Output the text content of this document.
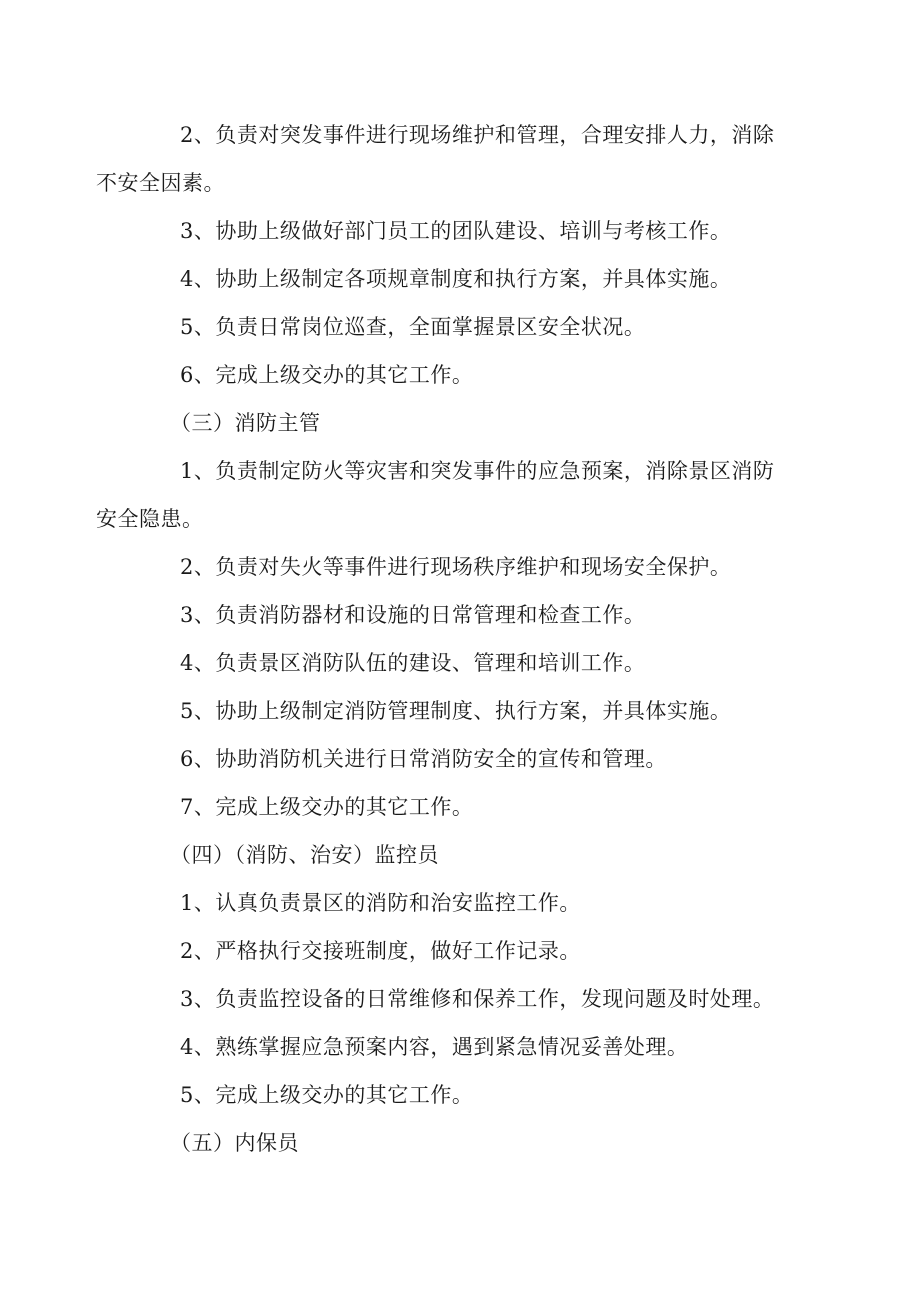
2、负责对突发事件进行现场维护和管理，合理安排人力，消除
不安全因素。

3、协助上级做好部门员工的团队建设、培训与考核工作。

4、协助上级制定各项规章制度和执行方案，并具体实施。

5、负责日常岗位巡查，全面掌握景区安全状况。

6、完成上级交办的其它工作。

（三）消防主管

1、负责制定防火等灾害和突发事件的应急预案，消除景区消防
安全隐患。

2、负责对失火等事件进行现场秩序维护和现场安全保护。

3、负责消防器材和设施的日常管理和检查工作。

4、负责景区消防队伍的建设、管理和培训工作。

5、协助上级制定消防管理制度、执行方案，并具体实施。

6、协助消防机关进行日常消防安全的宣传和管理。

7、完成上级交办的其它工作。

（四）（消防、治安）监控员

1、认真负责景区的消防和治安监控工作。

2、严格执行交接班制度，做好工作记录。

3、负责监控设备的日常维修和保养工作，发现问题及时处理。

4、熟练掌握应急预案内容，遇到紧急情况妥善处理。

5、完成上级交办的其它工作。

（五）内保员
